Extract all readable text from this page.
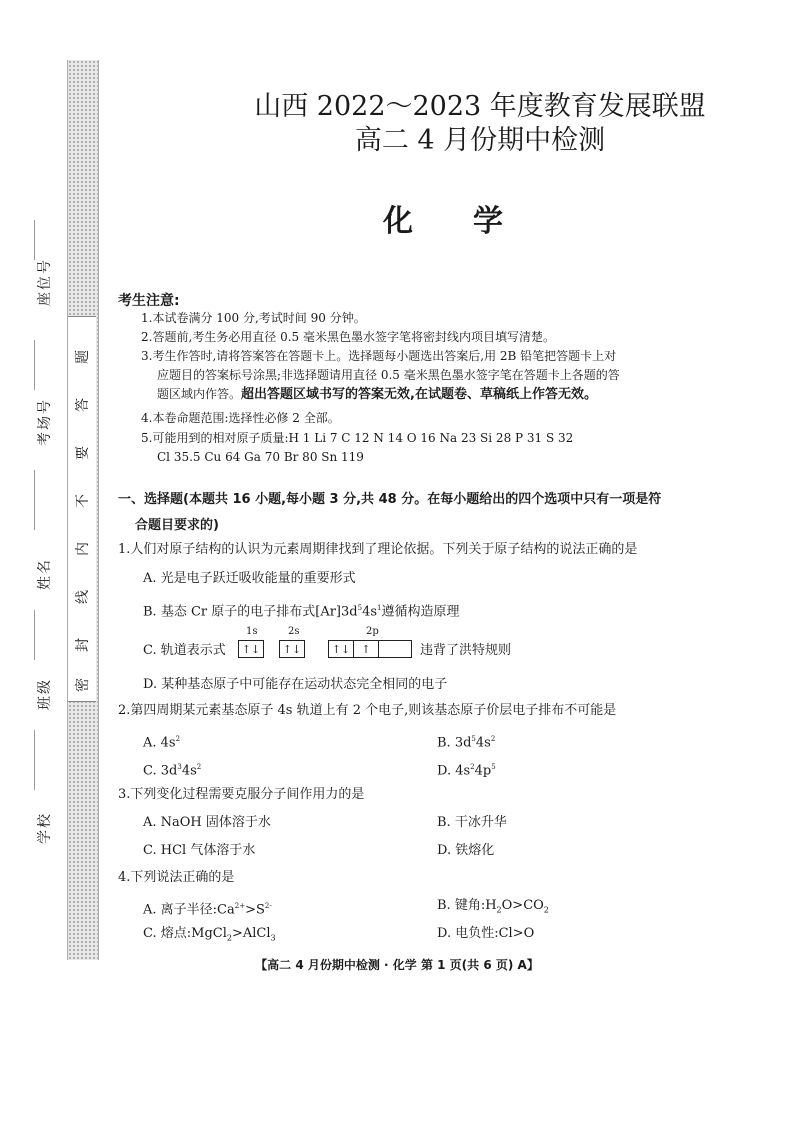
题
答
要
不
内
线
封
密
座位号
考场号
姓名
班级
学校
山西 2022～2023 年度教育发展联盟
高二 4 月份期中检测
化学
考生注意:
1.本试卷满分 100 分,考试时间 90 分钟。
2.答题前,考生务必用直径 0.5 毫米黑色墨水签字笔将密封线内项目填写清楚。
3.考生作答时,请将答案答在答题卡上。选择题每小题选出答案后,用 2B 铅笔把答题卡上对
应题目的答案标号涂黑;非选择题请用直径 0.5 毫米黑色墨水签字笔在答题卡上各题的答
题区域内作答。超出答题区域书写的答案无效,在试题卷、草稿纸上作答无效。
4.本卷命题范围:选择性必修 2 全部。
5.可能用到的相对原子质量:H 1 Li 7 C 12 N 14 O 16 Na 23 Si 28 P 31 S 32
Cl 35.5 Cu 64 Ga 70 Br 80 Sn 119
一、选择题(本题共 16 小题,每小题 3 分,共 48 分。在每小题给出的四个选项中只有一项是符
合题目要求的)
1.人们对原子结构的认识为元素周期律找到了理论依据。下列关于原子结构的说法正确的是
A. 光是电子跃迁吸收能量的重要形式
B. 基态 Cr 原子的电子排布式$[Ar]3d^54s^1$遵循构造原理
C. 轨道表示式
1s	2s	2p
↑↓	↑↓	↑↓	↑	违背了洪特规则
D. 某种基态原子中可能存在运动状态完全相同的电子
2.第四周期某元素基态原子 4s 轨道上有 2 个电子,则该基态原子价层电子排布不可能是
A. $4s^2$	B. $3d^54s^2$
C. $3d^34s^2$	D. $4s^24p^5$
3.下列变化过程需要克服分子间作用力的是
A. NaOH 固体溶于水	B. 干冰升华
C. HCl 气体溶于水	D. 铁熔化
4.下列说法正确的是
A. 离子半径$:Ca^{2+}>S^{2-}$	B. 键角$:H_2O>CO_2$
C. 熔点:MgCl$_2$>AlCl$_3$	D. 电负性:Cl>O
【高二 4 月份期中检测 · 化学 第 1 页(共 6 页) A】
